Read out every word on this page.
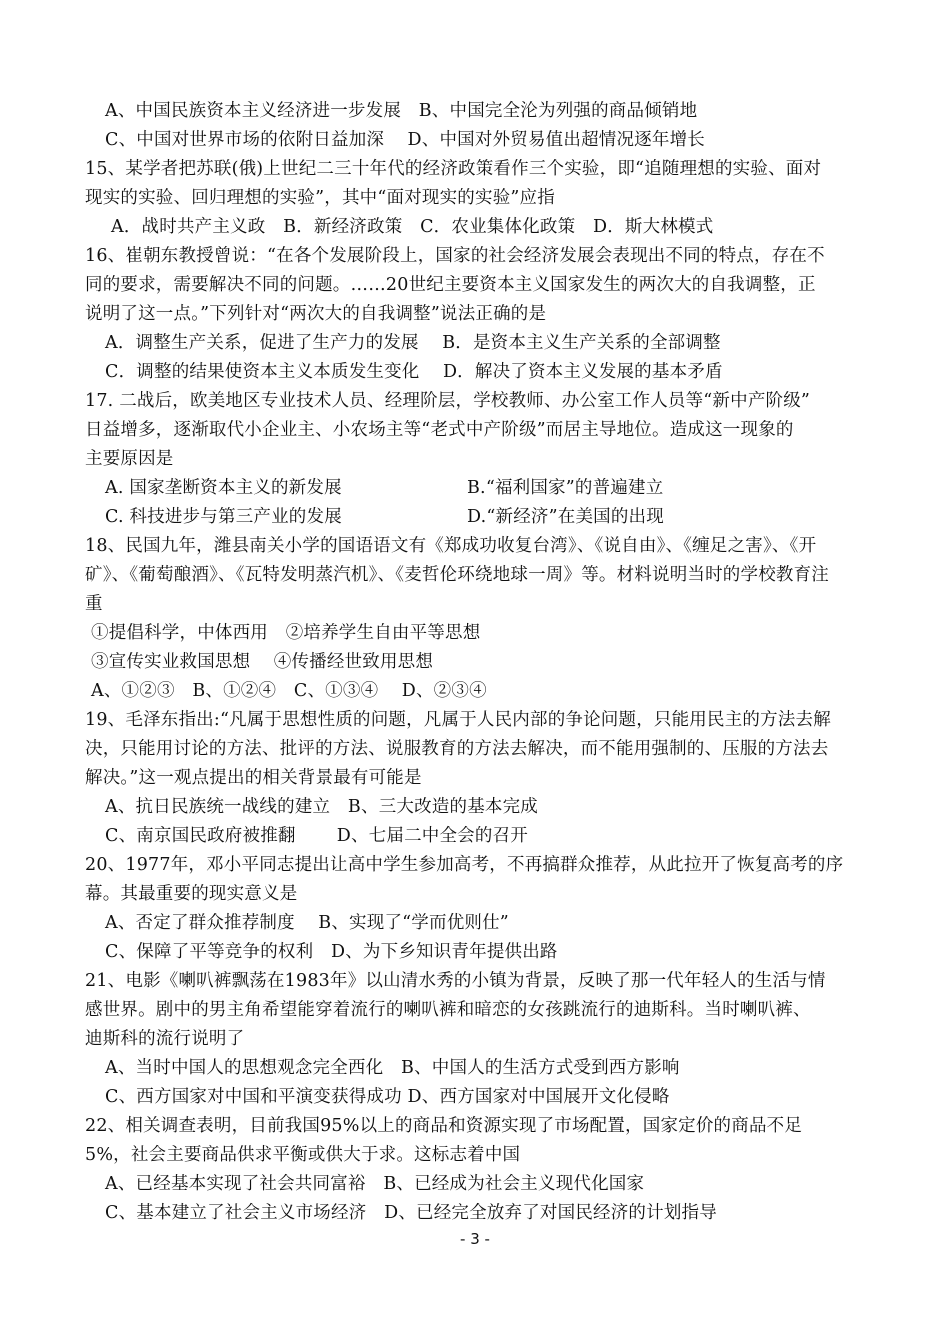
A、中国民族资本主义经济进一步发展　B、中国完全沦为列强的商品倾销地
C、中国对世界市场的依附日益加深　 D、中国对外贸易值出超情况逐年增长
15、某学者把苏联(俄)上世纪二三十年代的经济政策看作三个实验，即“追随理想的实验、面对
现实的实验、回归理想的实验”，其中“面对现实的实验”应指
A．战时共产主义政　B．新经济政策　C．农业集体化政策　D．斯大林模式
16、崔朝东教授曾说：“在各个发展阶段上，国家的社会经济发展会表现出不同的特点，存在不
同的要求，需要解决不同的问题。……20世纪主要资本主义国家发生的两次大的自我调整，正
说明了这一点。”下列针对“两次大的自我调整”说法正确的是
A．调整生产关系，促进了生产力的发展　 B．是资本主义生产关系的全部调整
C．调整的结果使资本主义本质发生变化　 D．解决了资本主义发展的基本矛盾
17. 二战后，欧美地区专业技术人员、经理阶层，学校教师、办公室工作人员等“新中产阶级”
日益增多，逐渐取代小企业主、小农场主等“老式中产阶级”而居主导地位。造成这一现象的
主要原因是
A. 国家垄断资本主义的新发展	B.“福利国家”的普遍建立
C. 科技进步与第三产业的发展	D.“新经济”在美国的出现
18、民国九年，潍县南关小学的国语语文有《郑成功收复台湾》、《说自由》、《缠足之害》、《开
矿》、《葡萄酿酒》、《瓦特发明蒸汽机》、《麦哲伦环绕地球一周》等。材料说明当时的学校教育注
重
①提倡科学，中体西用　②培养学生自由平等思想
③宣传实业救国思想　 ④传播经世致用思想
A、①②③　B、①②④　C、①③④　 D、②③④
19、毛泽东指出:“凡属于思想性质的问题，凡属于人民内部的争论问题，只能用民主的方法去解
决，只能用讨论的方法、批评的方法、说服教育的方法去解决，而不能用强制的、压服的方法去
解决。”这一观点提出的相关背景最有可能是
A、抗日民族统一战线的建立　B、三大改造的基本完成
C、南京国民政府被推翻　　 D、七届二中全会的召开
20、1977年，邓小平同志提出让高中学生参加高考，不再搞群众推荐，从此拉开了恢复高考的序
幕。其最重要的现实意义是
A、否定了群众推荐制度　 B、实现了“学而优则仕”
C、保障了平等竞争的权利　D、为下乡知识青年提供出路
21、电影《喇叭裤飘荡在1983年》以山清水秀的小镇为背景，反映了那一代年轻人的生活与情
感世界。剧中的男主角希望能穿着流行的喇叭裤和暗恋的女孩跳流行的迪斯科。当时喇叭裤、
迪斯科的流行说明了
A、当时中国人的思想观念完全西化　B、中国人的生活方式受到西方影响
C、西方国家对中国和平演变获得成功 D、西方国家对中国展开文化侵略
22、相关调查表明，目前我国95%以上的商品和资源实现了市场配置，国家定价的商品不足
5%，社会主要商品供求平衡或供大于求。这标志着中国
A、已经基本实现了社会共同富裕　B、已经成为社会主义现代化国家
C、基本建立了社会主义市场经济　D、已经完全放弃了对国民经济的计划指导
- 3 -
